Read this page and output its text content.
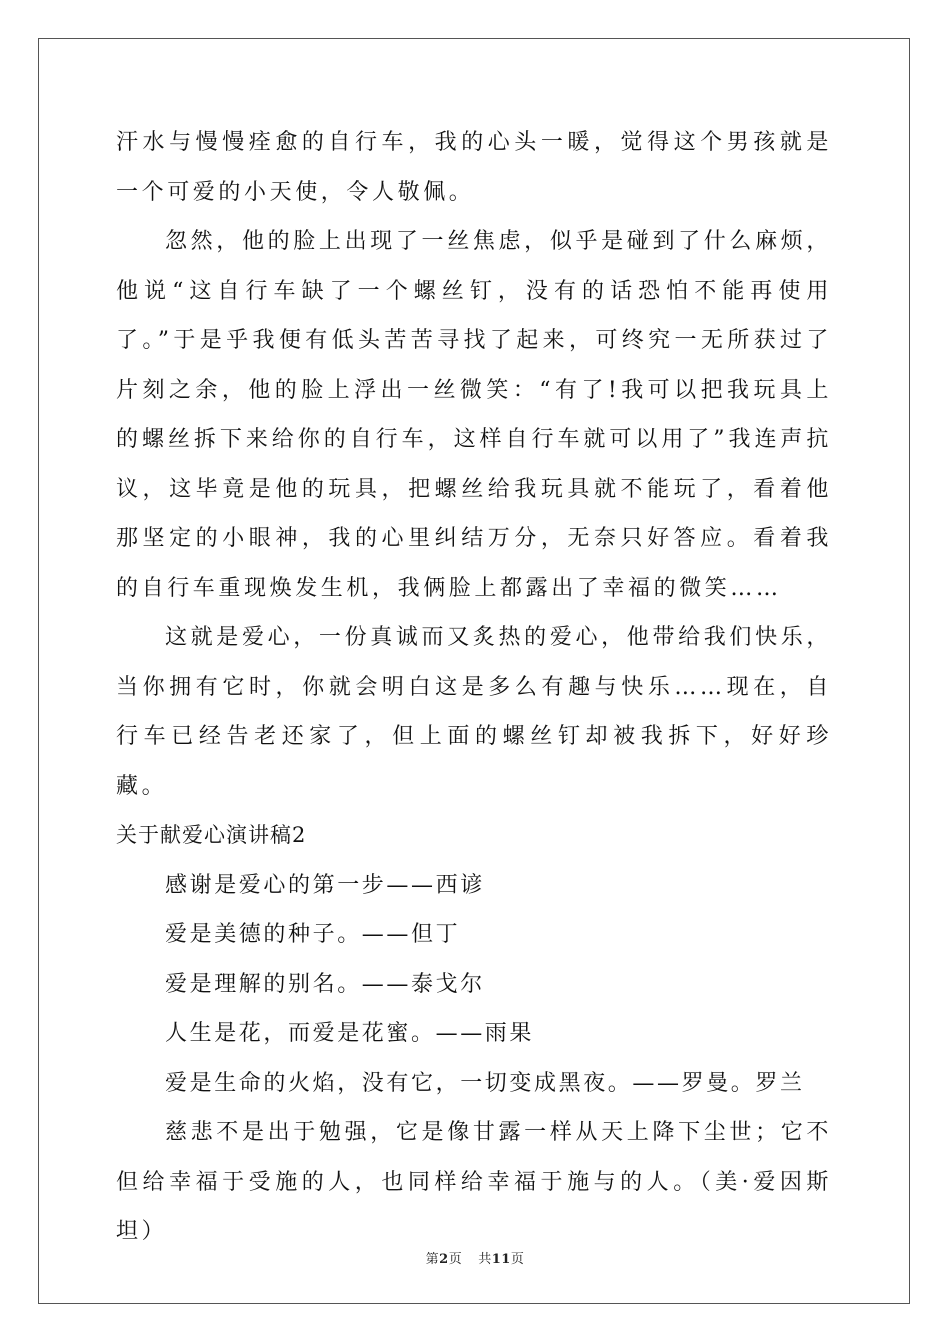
汗水与慢慢痊愈的自行车，我的心头一暖，觉得这个男孩就是一个可爱的小天使，令人敬佩。

忽然，他的脸上出现了一丝焦虑，似乎是碰到了什么麻烦，他说“这自行车缺了一个螺丝钉，没有的话恐怕不能再使用了。”于是乎我便有低头苦苦寻找了起来，可终究一无所获过了片刻之余，他的脸上浮出一丝微笑：“有了!我可以把我玩具上的螺丝拆下来给你的自行车，这样自行车就可以用了”我连声抗议，这毕竟是他的玩具，把螺丝给我玩具就不能玩了，看着他那坚定的小眼神，我的心里纠结万分，无奈只好答应。看着我的自行车重现焕发生机，我俩脸上都露出了幸福的微笑……

这就是爱心，一份真诚而又炙热的爱心，他带给我们快乐，当你拥有它时，你就会明白这是多么有趣与快乐……现在，自行车已经告老还家了，但上面的螺丝钉却被我拆下，好好珍藏。

关于献爱心演讲稿2

感谢是爱心的第一步——西谚

爱是美德的种子。——但丁

爱是理解的别名。——泰戈尔

人生是花，而爱是花蜜。——雨果

爱是生命的火焰，没有它，一切变成黑夜。——罗曼。罗兰

慈悲不是出于勉强，它是像甘露一样从天上降下尘世；它不但给幸福于受施的人，也同样给幸福于施与的人。（美·爱因斯坦）

第2页 共11页
